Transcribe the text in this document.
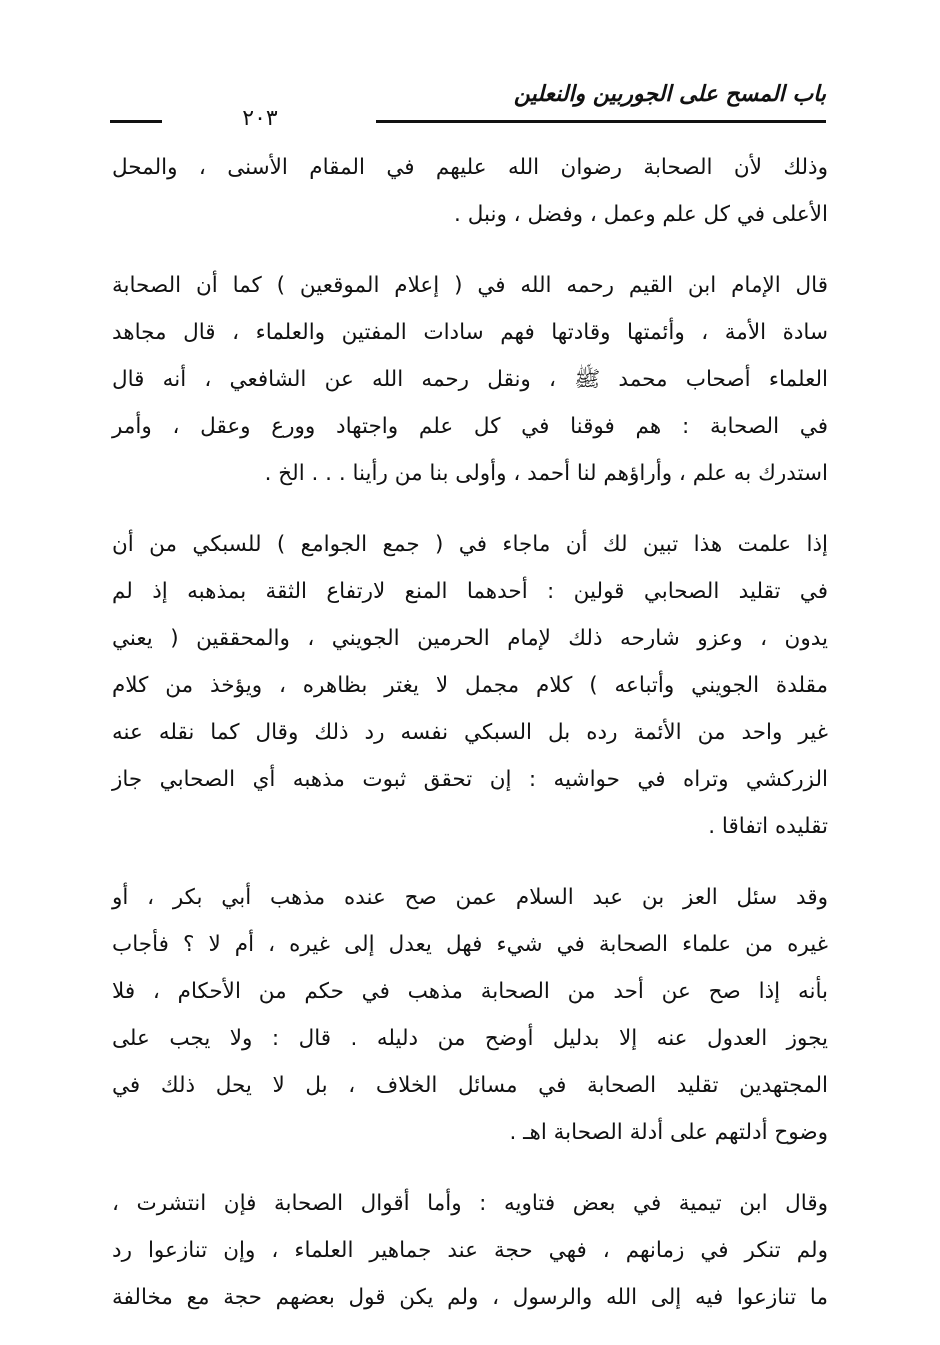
باب المسح على الجوربين والنعلين
٢٠٣

وذلك لأن الصحابة رضوان الله عليهم في المقام الأسنى ، والمحل
الأعلى في كل علم وعمل ، وفضل ، ونبل .

قال الإمام ابن القيم رحمه الله في ( إعلام الموقعين ) كما أن الصحابة
سادة الأمة ، وأئمتها وقادتها فهم سادات المفتين والعلماء ، قال مجاهد
العلماء أصحاب محمد ﷺ ، ونقل رحمه الله عن الشافعي ، أنه قال
في الصحابة : هم فوقنا في كل علم واجتهاد وورع وعقل ، وأمر
استدرك به علم ، وأراؤهم لنا أحمد ، وأولى بنا من رأينا . . . الخ .

إذا علمت هذا تبين لك أن ماجاء في ( جمع الجوامع ) للسبكي من أن
في تقليد الصحابي قولين : أحدهما المنع لارتفاع الثقة بمذهبه إذ لم
يدون ، وعزو شارحه ذلك لإمام الحرمين الجويني ، والمحققين ( يعني
مقلدة الجويني وأتباعه ) كلام مجمل لا يغتر بظاهره ، ويؤخذ من كلام
غير واحد من الأئمة رده بل السبكي نفسه رد ذلك وقال كما نقله عنه
الزركشي وتراه في حواشيه : إن تحقق ثبوت مذهبه أي الصحابي جاز
تقليده اتفاقا .

وقد سئل العز بن عبد السلام عمن صح عنده مذهب أبي بكر ، أو
غيره من علماء الصحابة في شيء فهل يعدل إلى غيره ، أم لا ؟ فأجاب
بأنه إذا صح عن أحد من الصحابة مذهب في حكم من الأحكام ، فلا
يجوز العدول عنه إلا بدليل أوضح من دليله . قال : ولا يجب على
المجتهدين تقليد الصحابة في مسائل الخلاف ، بل لا يحل ذلك في
وضوح أدلتهم على أدلة الصحابة اهـ .

وقال ابن تيمية في بعض فتاويه : وأما أقوال الصحابة فإن انتشرت ،
ولم تنكر في زمانهم ، فهي حجة عند جماهير العلماء ، وإن تنازعوا رد
ما تنازعوا فيه إلى الله والرسول ، ولم يكن قول بعضهم حجة مع مخالفة
